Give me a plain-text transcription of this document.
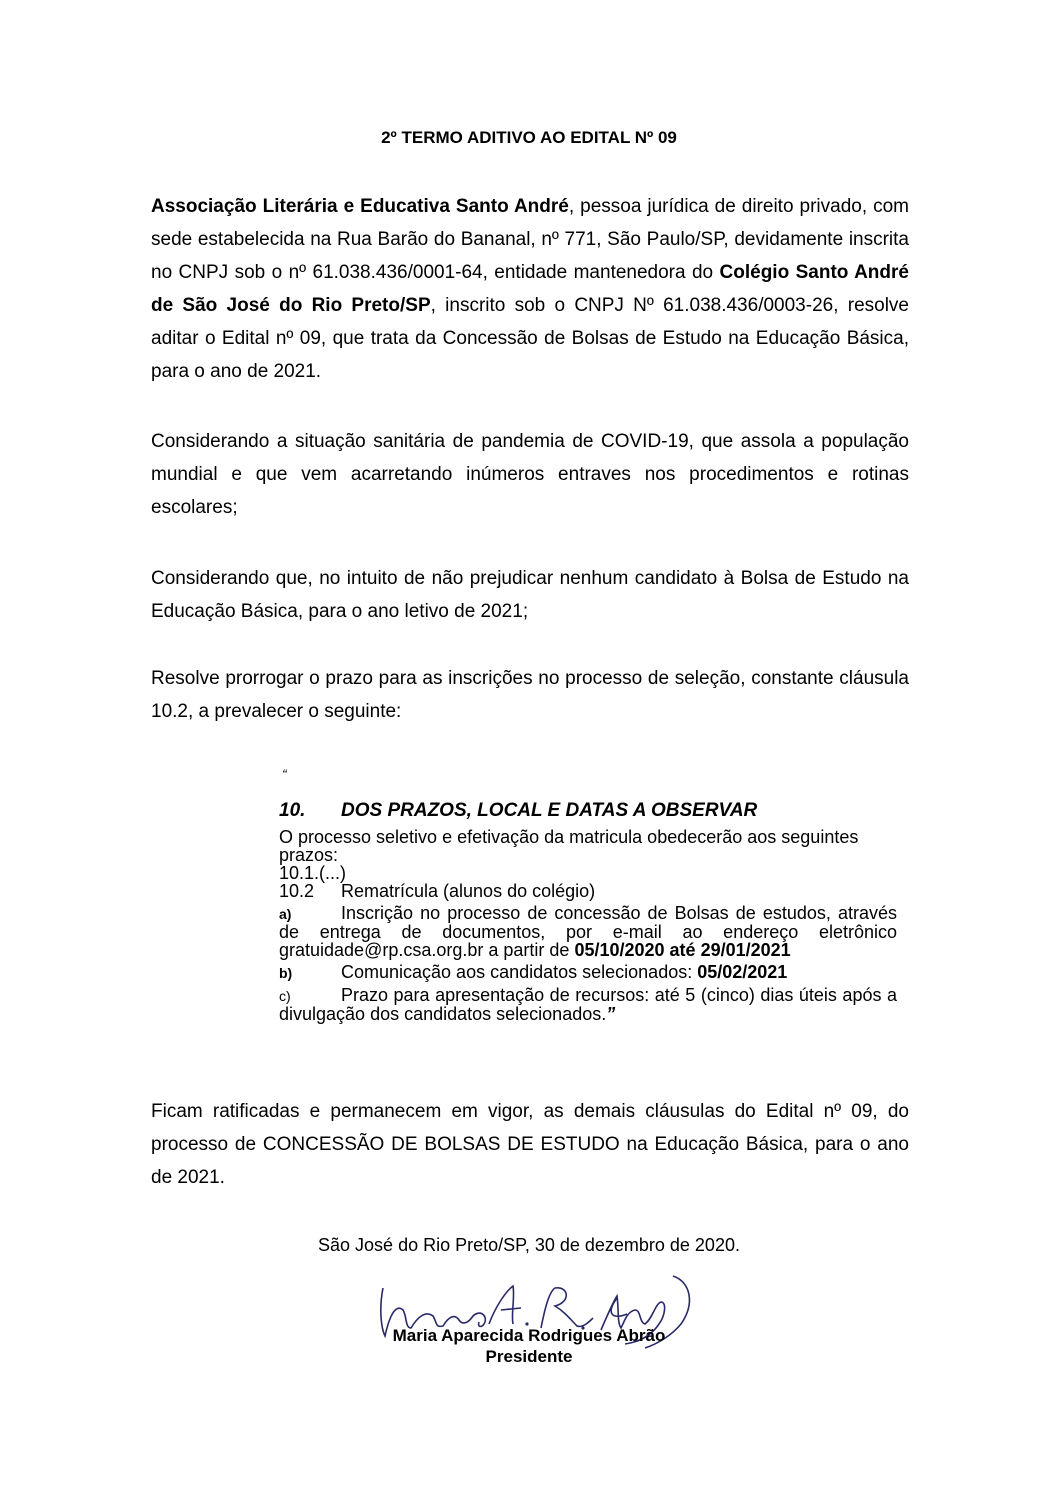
2º TERMO ADITIVO AO EDITAL Nº 09

Associação Literária e Educativa Santo André, pessoa jurídica de direito privado, com sede estabelecida na Rua Barão do Bananal, nº 771, São Paulo/SP, devidamente inscrita no CNPJ sob o nº 61.038.436/0001-64, entidade mantenedora do Colégio Santo André de São José do Rio Preto/SP, inscrito sob o CNPJ Nº 61.038.436/0003-26, resolve aditar o Edital nº 09, que trata da Concessão de Bolsas de Estudo na Educação Básica, para o ano de 2021.

Considerando a situação sanitária de pandemia de COVID-19, que assola a população mundial e que vem acarretando inúmeros entraves nos procedimentos e rotinas escolares;

Considerando que, no intuito de não prejudicar nenhum candidato à Bolsa de Estudo na Educação Básica, para o ano letivo de 2021;

Resolve prorrogar o prazo para as inscrições no processo de seleção, constante cláusula 10.2, a prevalecer o seguinte:

“

10. DOS PRAZOS, LOCAL E DATAS A OBSERVAR

O processo seletivo e efetivação da matricula obedecerão aos seguintes prazos:

10.1.(...)

10.2 Rematrícula (alunos do colégio)

a)	Inscrição no processo de concessão de Bolsas de estudos, através de entrega de documentos, por e-mail ao endereço eletrônico gratuidade@rp.csa.org.br a partir de 05/10/2020 até 29/01/2021

b)	Comunicação aos candidatos selecionados: 05/02/2021

c)	Prazo para apresentação de recursos: até 5 (cinco) dias úteis após a divulgação dos candidatos selecionados.”

Ficam ratificadas e permanecem em vigor, as demais cláusulas do Edital nº 09, do processo de CONCESSÃO DE BOLSAS DE ESTUDO na Educação Básica, para o ano de 2021.

São José do Rio Preto/SP, 30 de dezembro de 2020.
Maria A. R. Abrão
Maria Aparecida Rodrigues Abrão
Presidente
